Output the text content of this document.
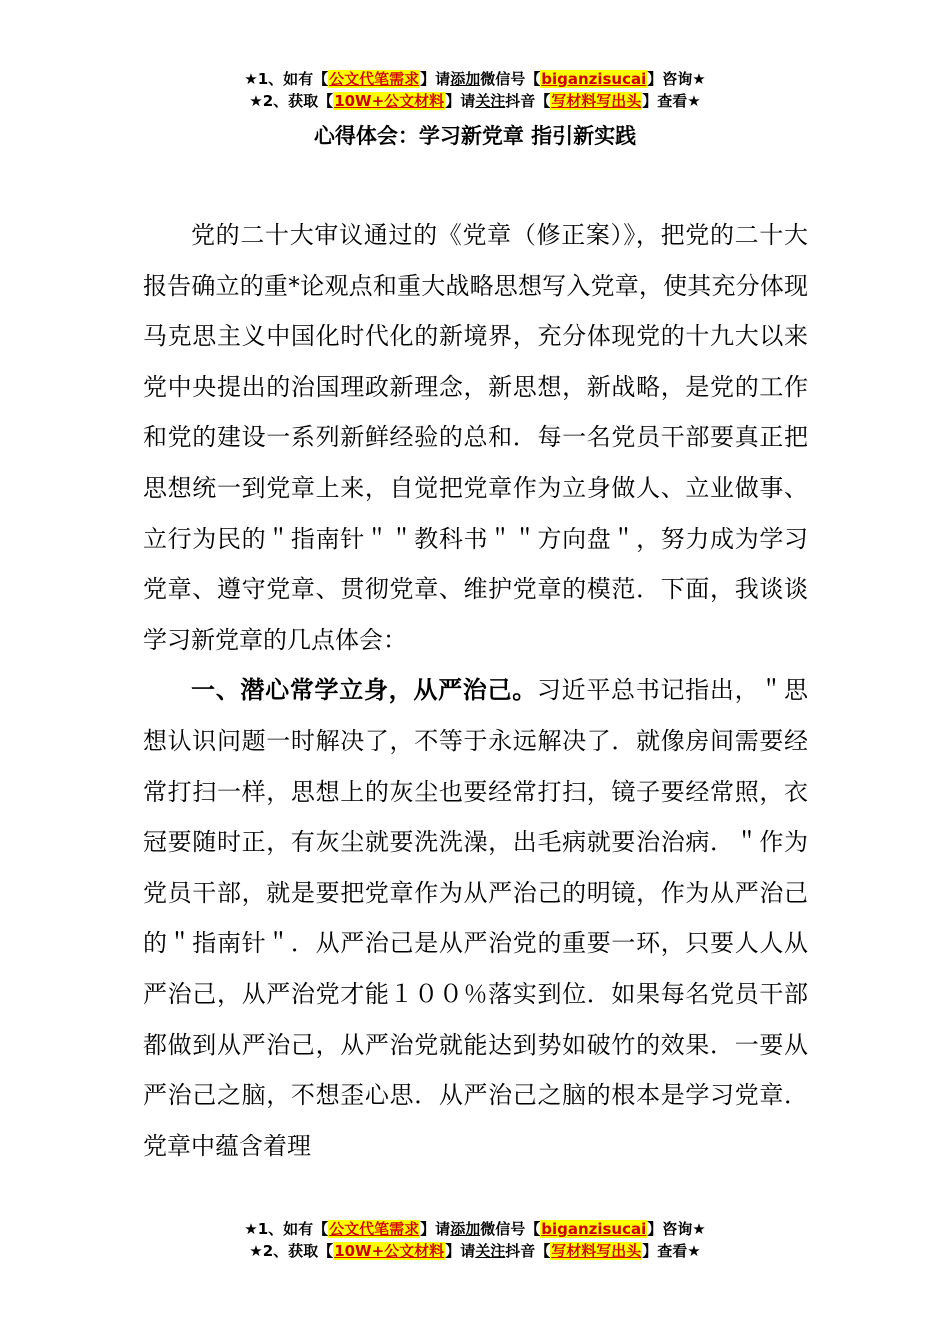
★1、如有【公文代笔需求】请添加微信号【biganzisucai】咨询★
★2、获取【10W+公文材料】请关注抖音【写材料写出头】查看★
心得体会：学习新党章 指引新实践

党的二十大审议通过的《党章（修正案）》，把党的二十大报告确立的重*论观点和重大战略思想写入党章，使其充分体现马克思主义中国化时代化的新境界，充分体现党的十九大以来党中央提出的治国理政新理念，新思想，新战略，是党的工作和党的建设一系列新鲜经验的总和．每一名党员干部要真正把思想统一到党章上来，自觉把党章作为立身做人、立业做事、立行为民的＂指南针＂＂教科书＂＂方向盘＂，努力成为学习党章、遵守党章、贯彻党章、维护党章的模范．下面，我谈谈学习新党章的几点体会：

一、潜心常学立身，从严治己。习近平总书记指出，＂思想认识问题一时解决了，不等于永远解决了．就像房间需要经常打扫一样，思想上的灰尘也要经常打扫，镜子要经常照，衣冠要随时正，有灰尘就要洗洗澡，出毛病就要治治病．＂作为党员干部，就是要把党章作为从严治己的明镜，作为从严治己的＂指南针＂．从严治己是从严治党的重要一环，只要人人从严治己，从严治党才能１００％落实到位．如果每名党员干部都做到从严治己，从严治党就能达到势如破竹的效果．一要从严治己之脑，不想歪心思．从严治己之脑的根本是学习党章．党章中蕴含着理

★1、如有【公文代笔需求】请添加微信号【biganzisucai】咨询★
★2、获取【10W+公文材料】请关注抖音【写材料写出头】查看★
